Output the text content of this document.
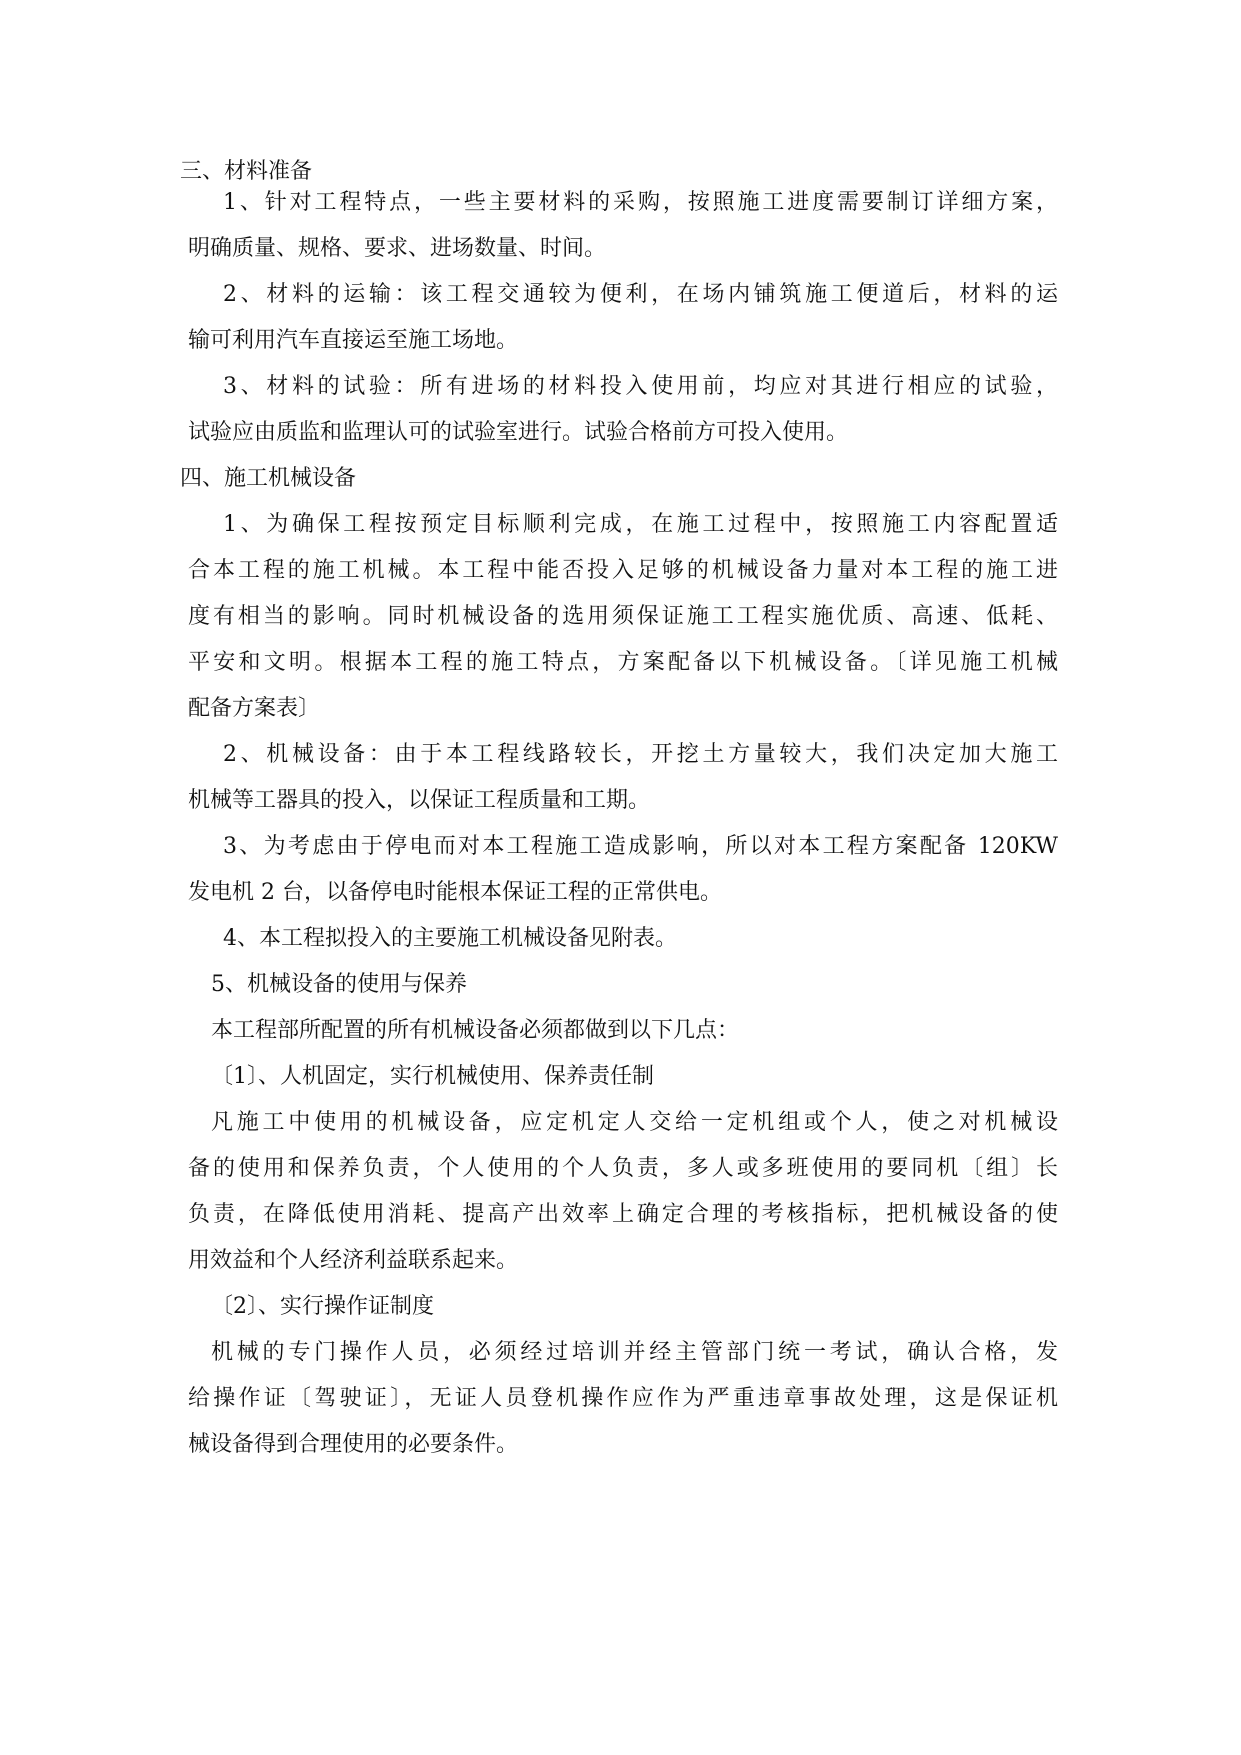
三、材料准备
1、针对工程特点，一些主要材料的采购，按照施工进度需要制订详细方案，
明确质量、规格、要求、进场数量、时间。
2、材料的运输：该工程交通较为便利，在场内铺筑施工便道后，材料的运
输可利用汽车直接运至施工场地。
3、材料的试验：所有进场的材料投入使用前，均应对其进行相应的试验，
试验应由质监和监理认可的试验室进行。试验合格前方可投入使用。
四、施工机械设备
1、为确保工程按预定目标顺利完成，在施工过程中，按照施工内容配置适
合本工程的施工机械。本工程中能否投入足够的机械设备力量对本工程的施工进
度有相当的影响。同时机械设备的选用须保证施工工程实施优质、高速、低耗、
平安和文明。根据本工程的施工特点，方案配备以下机械设备。〔详见施工机械
配备方案表〕
2、机械设备：由于本工程线路较长，开挖土方量较大，我们决定加大施工
机械等工器具的投入，以保证工程质量和工期。
3、为考虑由于停电而对本工程施工造成影响，所以对本工程方案配备 120KW
发电机 2 台，以备停电时能根本保证工程的正常供电。
4、本工程拟投入的主要施工机械设备见附表。
5、机械设备的使用与保养
本工程部所配置的所有机械设备必须都做到以下几点：
〔1〕、人机固定，实行机械使用、保养责任制
凡施工中使用的机械设备，应定机定人交给一定机组或个人，使之对机械设
备的使用和保养负责，个人使用的个人负责，多人或多班使用的要同机〔组〕长
负责，在降低使用消耗、提高产出效率上确定合理的考核指标，把机械设备的使
用效益和个人经济利益联系起来。
〔2〕、实行操作证制度
机械的专门操作人员，必须经过培训并经主管部门统一考试，确认合格，发
给操作证〔驾驶证〕，无证人员登机操作应作为严重违章事故处理，这是保证机
械设备得到合理使用的必要条件。
